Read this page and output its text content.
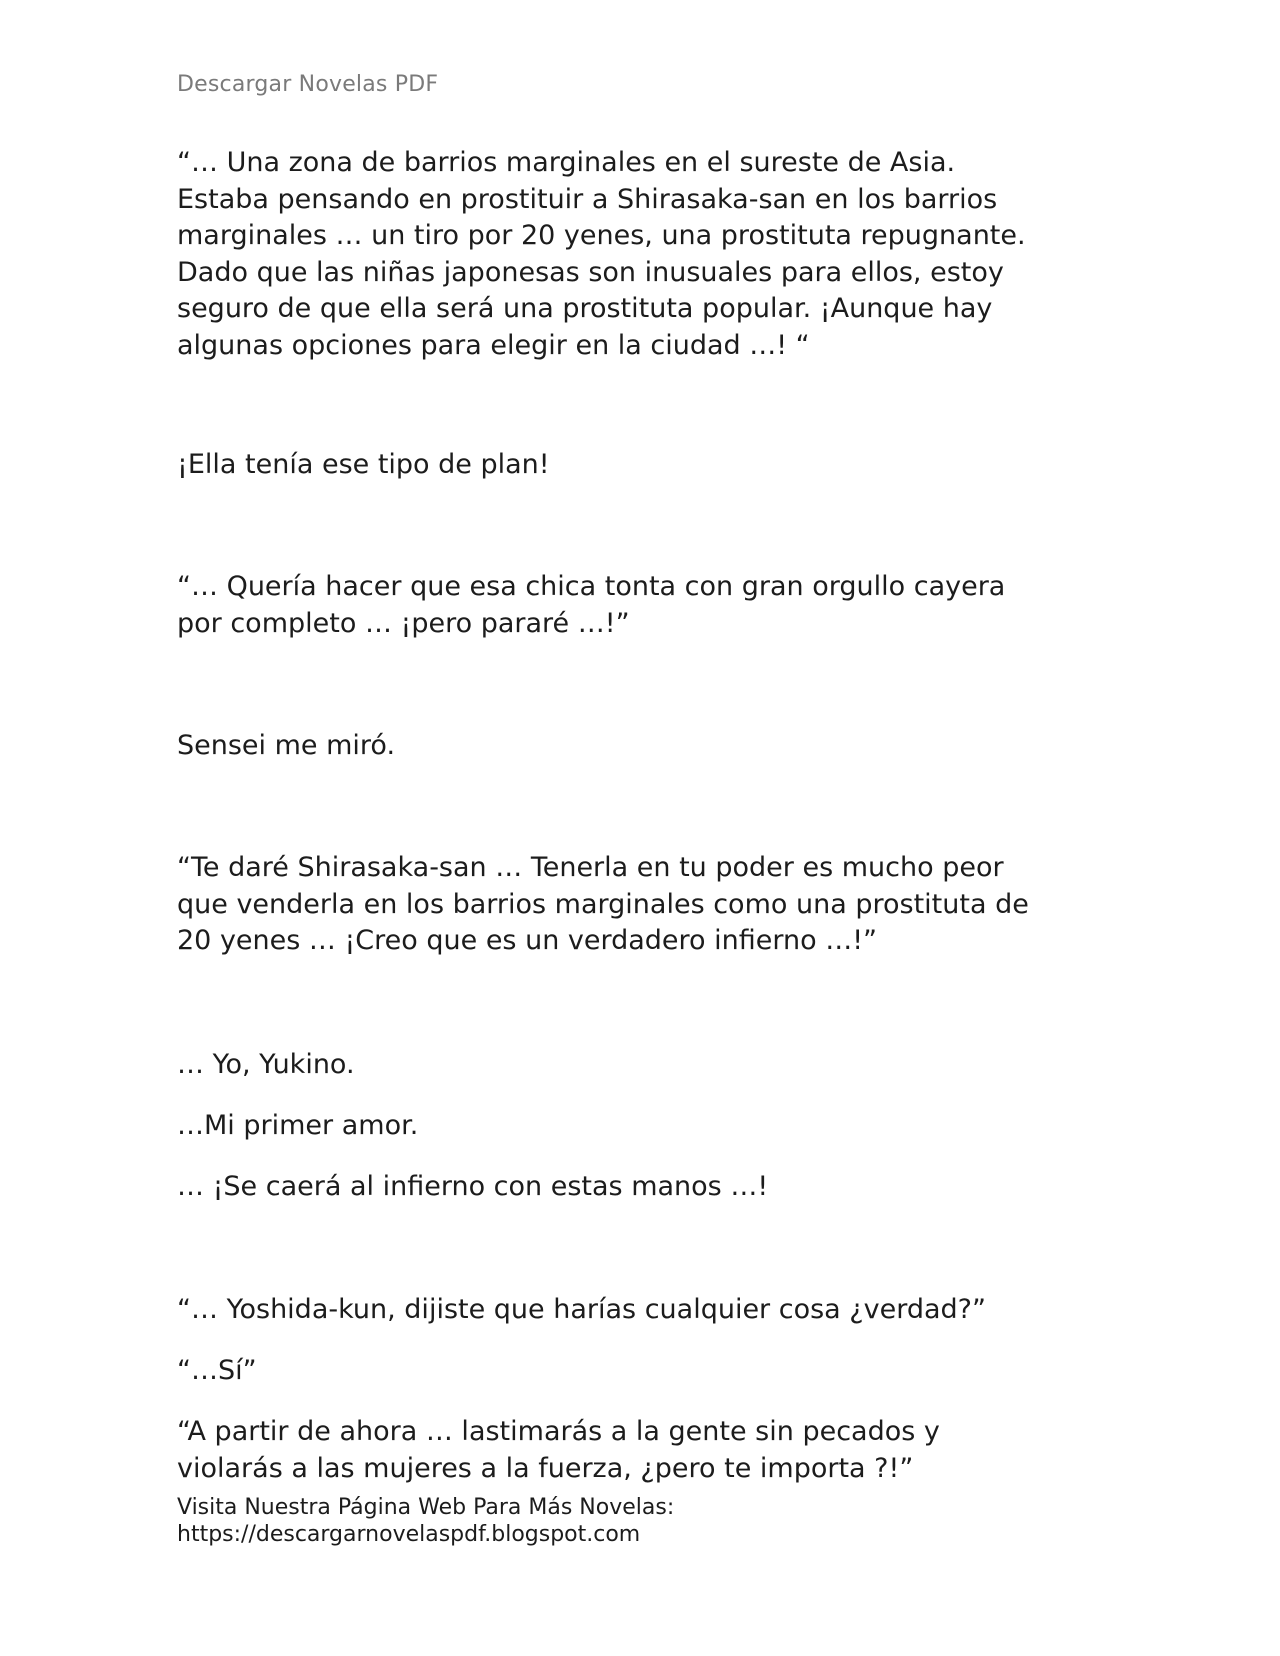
Descargar Novelas PDF

“… Una zona de barrios marginales en el sureste de Asia.
Estaba pensando en prostituir a Shirasaka-san en los barrios
marginales … un tiro por 20 yenes, una prostituta repugnante.
Dado que las niñas japonesas son inusuales para ellos, estoy
seguro de que ella será una prostituta popular. ¡Aunque hay
algunas opciones para elegir en la ciudad …! “

¡Ella tenía ese tipo de plan!

“… Quería hacer que esa chica tonta con gran orgullo cayera
por completo … ¡pero pararé …!”

Sensei me miró.

“Te daré Shirasaka-san … Tenerla en tu poder es mucho peor
que venderla en los barrios marginales como una prostituta de
20 yenes … ¡Creo que es un verdadero infierno …!”

… Yo, Yukino.

…Mi primer amor.

… ¡Se caerá al infierno con estas manos …!

“… Yoshida-kun, dijiste que harías cualquier cosa ¿verdad?”

“…Sí”

“A partir de ahora … lastimarás a la gente sin pecados y
violarás a las mujeres a la fuerza, ¿pero te importa ?!”

Visita Nuestra Página Web Para Más Novelas:
https://descargarnovelaspdf.blogspot.com
